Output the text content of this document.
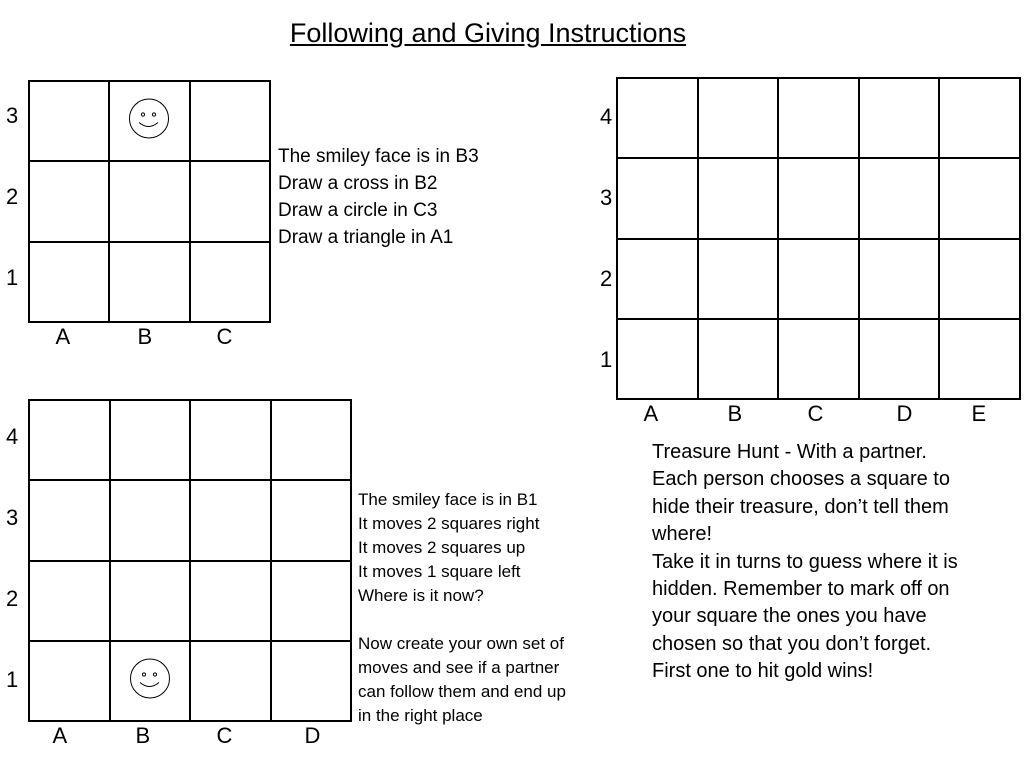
Following and Giving Instructions
3
2
1
A	B	C
The smiley face is in B3
Draw a cross in B2
Draw a circle in C3
Draw a triangle in A1
4
3
2
1
A	B	C	D	E
Treasure Hunt - With a partner.
Each person chooses a square to
hide their treasure, don’t tell them
where!
Take it in turns to guess where it is
hidden. Remember to mark off on
your square the ones you have
chosen so that you don’t forget.
First one to hit gold wins!
4
3
2
1
A	B	C	D
The smiley face is in B1
It moves 2 squares right
It moves 2 squares up
It moves 1 square left
Where is it now?

Now create your own set of
moves and see if a partner
can follow them and end up
in the right place
